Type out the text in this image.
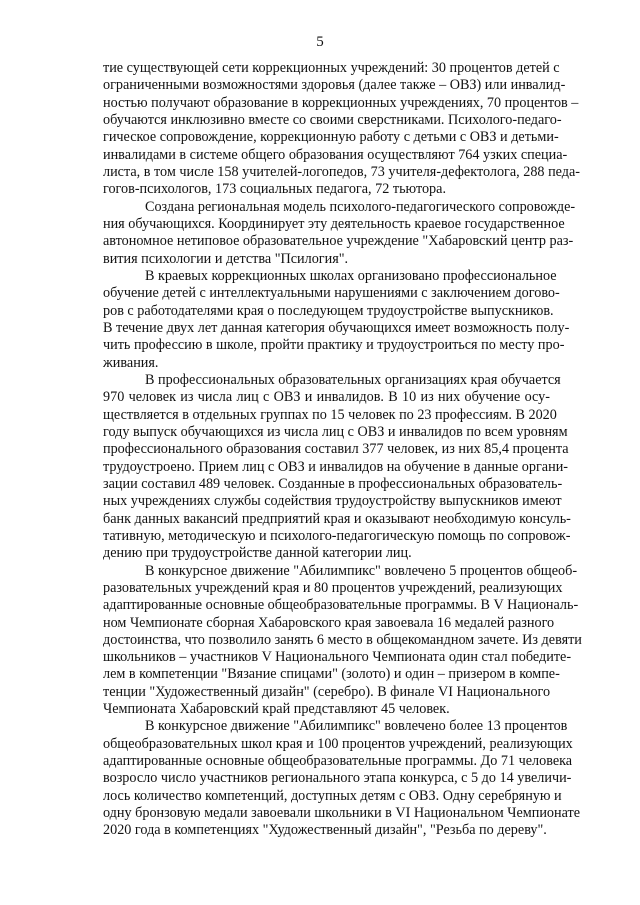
5
тие существующей сети коррекционных учреждений: 30 процентов детей с
ограниченными возможностями здоровья (далее также – ОВЗ) или инвалид-
ностью получают образование в коррекционных учреждениях, 70 процентов –
обучаются инклюзивно вместе со своими сверстниками. Психолого-педаго-
гическое сопровождение, коррекционную работу с детьми с ОВЗ и детьми-
инвалидами в системе общего образования осуществляют 764 узких специа-
листа, в том числе 158 учителей-логопедов, 73 учителя-дефектолога, 288 педа-
гогов-психологов, 173 социальных педагога, 72 тьютора.
Создана региональная модель психолого-педагогического сопровожде-
ния обучающихся. Координирует эту деятельность краевое государственное
автономное нетиповое образовательное учреждение "Хабаровский центр раз-
вития психологии и детства "Псилогия".
В краевых коррекционных школах организовано профессиональное
обучение детей с интеллектуальными нарушениями с заключением догово-
ров с работодателями края о последующем трудоустройстве выпускников.
В течение двух лет данная категория обучающихся имеет возможность полу-
чить профессию в школе, пройти практику и трудоустроиться по месту про-
живания.
В профессиональных образовательных организациях края обучается
970 человек из числа лиц с ОВЗ и инвалидов. В 10 из них обучение осу-
ществляется в отдельных группах по 15 человек по 23 профессиям. В 2020
году выпуск обучающихся из числа лиц с ОВЗ и инвалидов по всем уровням
профессионального образования составил 377 человек, из них 85,4 процента
трудоустроено. Прием лиц с ОВЗ и инвалидов на обучение в данные органи-
зации составил 489 человек. Созданные в профессиональных образователь-
ных учреждениях службы содействия трудоустройству выпускников имеют
банк данных вакансий предприятий края и оказывают необходимую консуль-
тативную, методическую и психолого-педагогическую помощь по сопровож-
дению при трудоустройстве данной категории лиц.
В конкурсное движение "Абилимпикс" вовлечено 5 процентов общеоб-
разовательных учреждений края и 80 процентов учреждений, реализующих
адаптированные основные общеобразовательные программы. В V Националь-
ном Чемпионате сборная Хабаровского края завоевала 16 медалей разного
достоинства, что позволило занять 6 место в общекомандном зачете. Из девяти
школьников – участников V Национального Чемпионата один стал победите-
лем в компетенции "Вязание спицами" (золото) и один – призером в компе-
тенции "Художественный дизайн" (серебро). В финале VI Национального
Чемпионата Хабаровский край представляют 45 человек.
В конкурсное движение "Абилимпикс" вовлечено более 13 процентов
общеобразовательных школ края и 100 процентов учреждений, реализующих
адаптированные основные общеобразовательные программы. До 71 человека
возросло число участников регионального этапа конкурса, с 5 до 14 увеличи-
лось количество компетенций, доступных детям с ОВЗ. Одну серебряную и
одну бронзовую медали завоевали школьники в VI Национальном Чемпионате
2020 года в компетенциях "Художественный дизайн", "Резьба по дереву".
